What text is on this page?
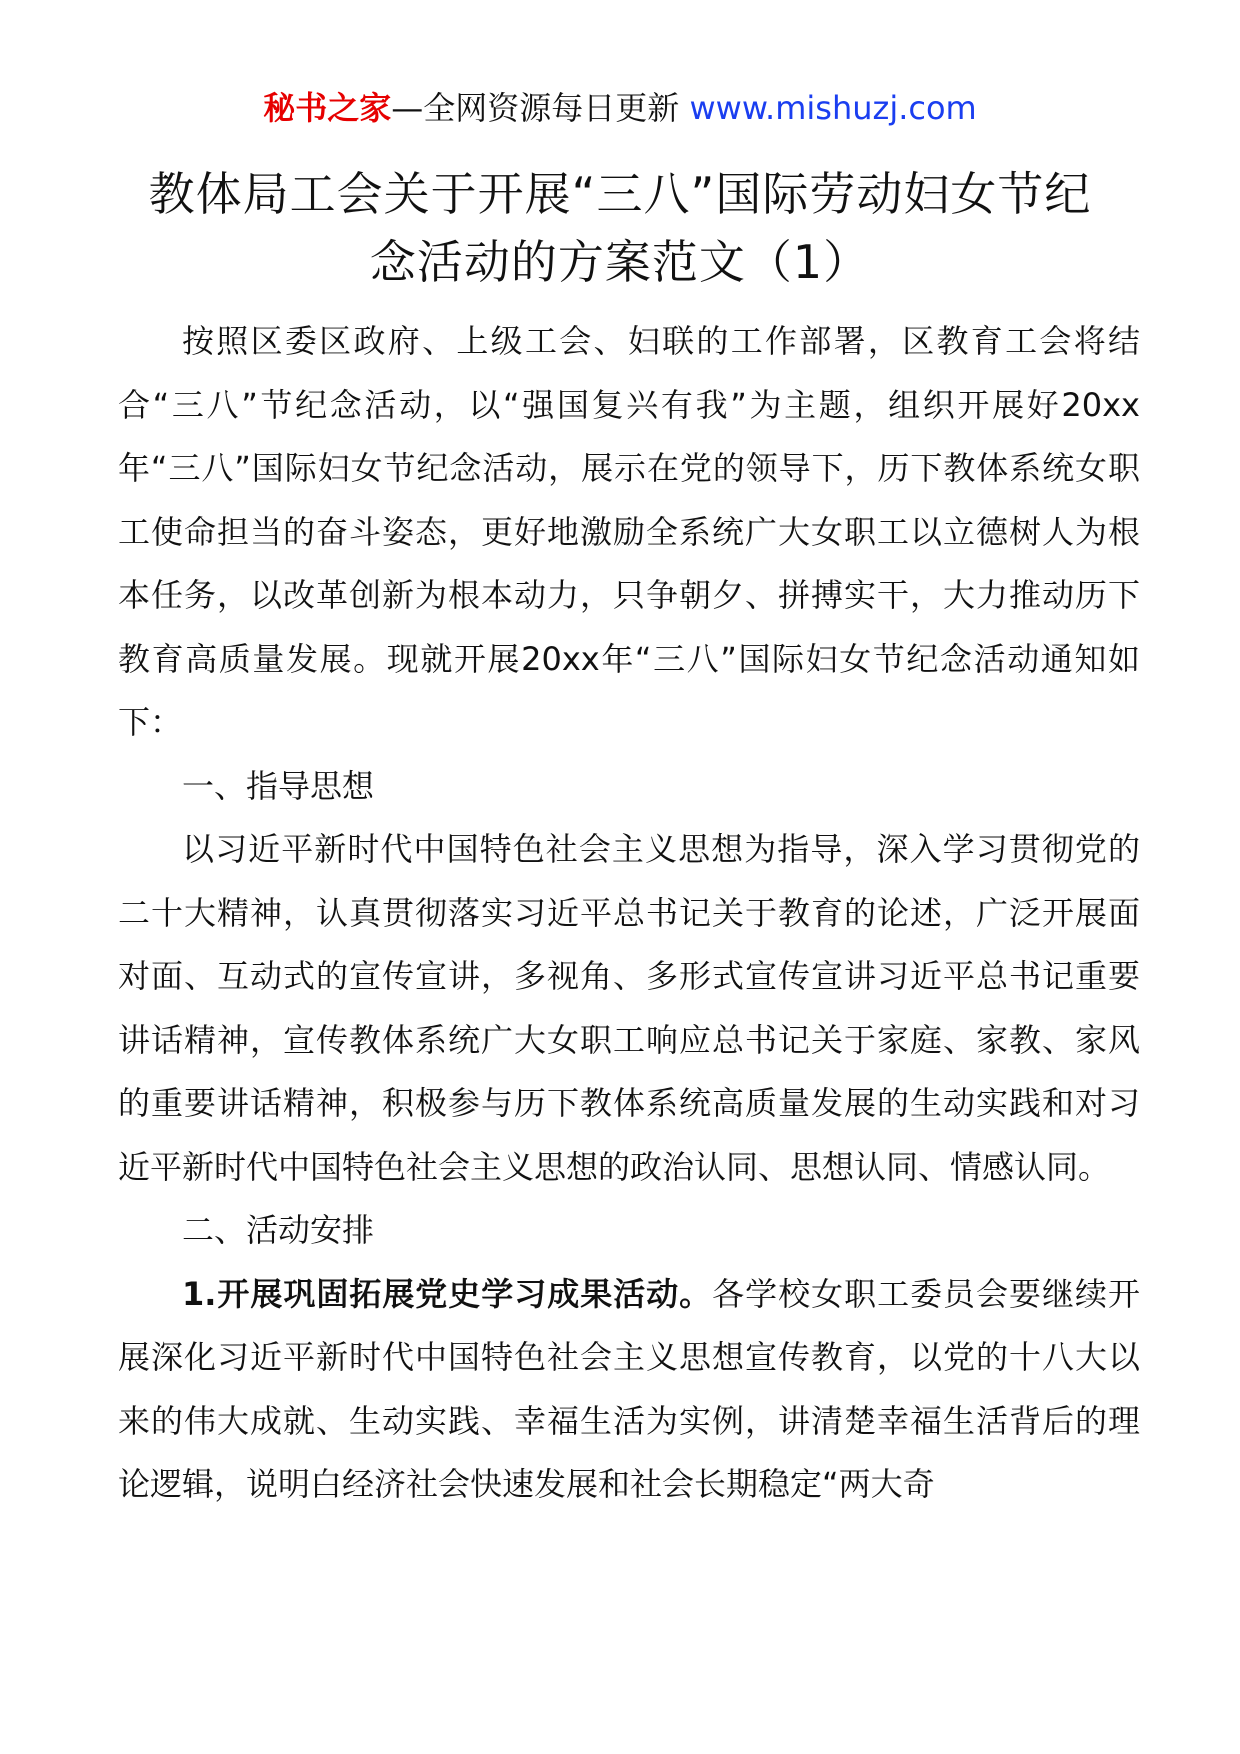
秘书之家—全网资源每日更新 www.mishuzj.com
教体局工会关于开展“三八”国际劳动妇女节纪
念活动的方案范文（1）

按照区委区政府、上级工会、妇联的工作部署，区教育工会将结合“三八”节纪念活动，以“强国复兴有我”为主题，组织开展好20xx年“三八”国际妇女节纪念活动，展示在党的领导下，历下教体系统女职工使命担当的奋斗姿态，更好地激励全系统广大女职工以立德树人为根本任务，以改革创新为根本动力，只争朝夕、拼搏实干，大力推动历下教育高质量发展。现就开展20xx年“三八”国际妇女节纪念活动通知如下：

一、指导思想

以习近平新时代中国特色社会主义思想为指导，深入学习贯彻党的二十大精神，认真贯彻落实习近平总书记关于教育的论述，广泛开展面对面、互动式的宣传宣讲，多视角、多形式宣传宣讲习近平总书记重要讲话精神，宣传教体系统广大女职工响应总书记关于家庭、家教、家风的重要讲话精神，积极参与历下教体系统高质量发展的生动实践和对习近平新时代中国特色社会主义思想的政治认同、思想认同、情感认同。

二、活动安排

1.开展巩固拓展党史学习成果活动。各学校女职工委员会要继续开展深化习近平新时代中国特色社会主义思想宣传教育，以党的十八大以来的伟大成就、生动实践、幸福生活为实例，讲清楚幸福生活背后的理论逻辑，说明白经济社会快速发展和社会长期稳定“两大奇
